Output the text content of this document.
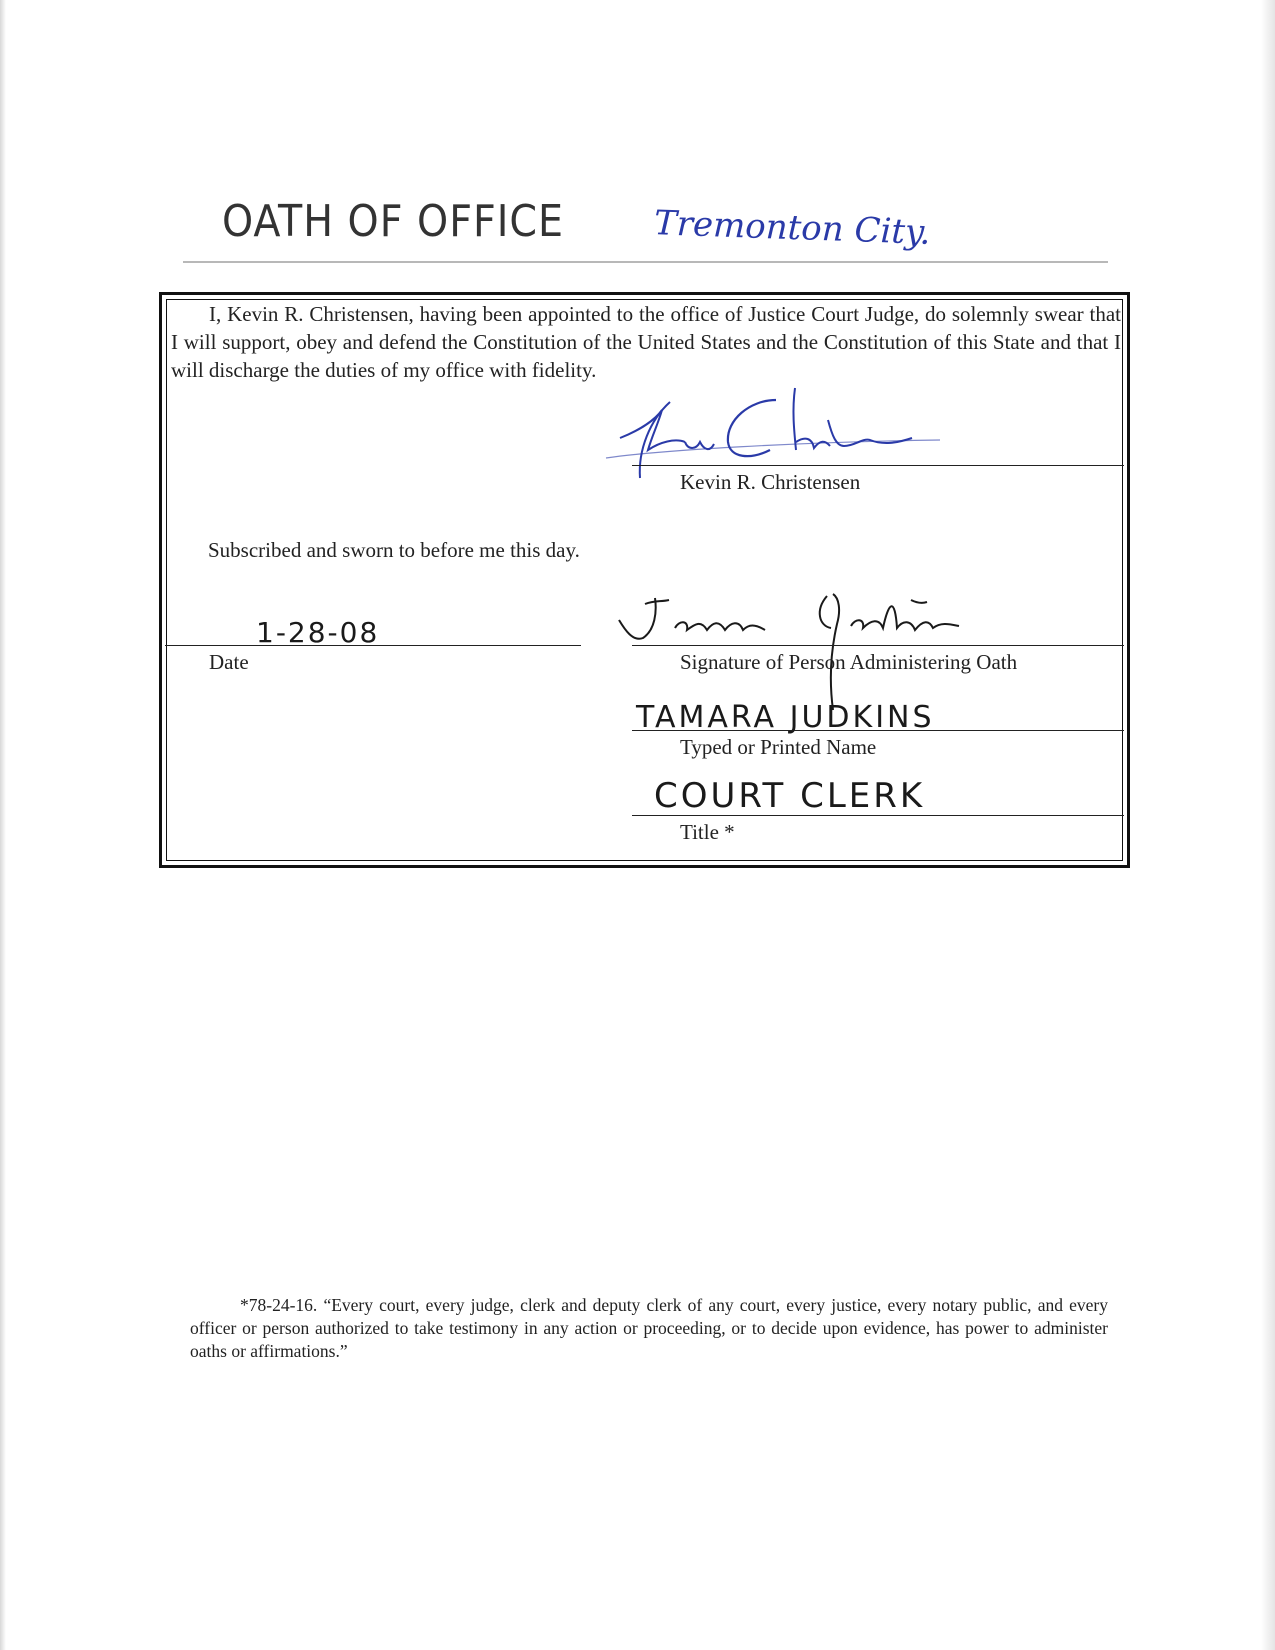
OATH OF OFFICE	Tremonton City.
I, Kevin R. Christensen, having been appointed to the office of Justice Court Judge, do solemnly swear that I will support, obey and defend the Constitution of the United States and the Constitution of this State and that I will discharge the duties of my office with fidelity.
Kevin R. Christensen
Subscribed and sworn to before me this day.
1-28-08
Date	Signature of Person Administering Oath
TAMARA JUDKINS
Typed or Printed Name
COURT CLERK
Title *
*78-24-16. “Every court, every judge, clerk and deputy clerk of any court, every justice, every notary public, and every officer or person authorized to take testimony in any action or proceeding, or to decide upon evidence, has power to administer oaths or affirmations.”
